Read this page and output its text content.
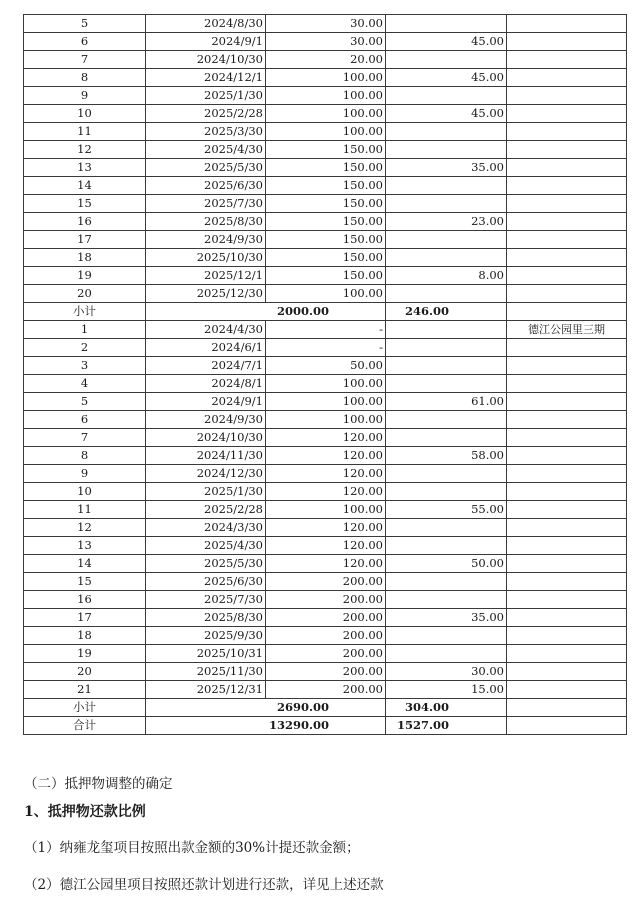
5	2024/8/30	30.00		
6	2024/9/1	30.00	45.00	
7	2024/10/30	20.00		
8	2024/12/1	100.00	45.00	
9	2025/1/30	100.00		
10	2025/2/28	100.00	45.00	
11	2025/3/30	100.00		
12	2025/4/30	150.00		
13	2025/5/30	150.00	35.00	
14	2025/6/30	150.00		
15	2025/7/30	150.00		
16	2025/8/30	150.00	23.00	
17	2024/9/30	150.00		
18	2025/10/30	150.00		
19	2025/12/1	150.00	8.00	
20	2025/12/30	100.00		
小计	2000.00		246.00	
1	2024/4/30	-		德江公园里三期
2	2024/6/1	-		
3	2024/7/1	50.00		
4	2024/8/1	100.00		
5	2024/9/1	100.00	61.00	
6	2024/9/30	100.00		
7	2024/10/30	120.00		
8	2024/11/30	120.00	58.00	
9	2024/12/30	120.00		
10	2025/1/30	120.00		
11	2025/2/28	100.00	55.00	
12	2024/3/30	120.00		
13	2025/4/30	120.00		
14	2025/5/30	120.00	50.00	
15	2025/6/30	200.00		
16	2025/7/30	200.00		
17	2025/8/30	200.00	35.00	
18	2025/9/30	200.00		
19	2025/10/31	200.00		
20	2025/11/30	200.00	30.00	
21	2025/12/31	200.00	15.00	
小计	2690.00		304.00	
合计	13290.00		1527.00	
（二）抵押物调整的确定
1、抵押物还款比例
（1）纳雍龙玺项目按照出款金额的30%计提还款金额；
（2）德江公园里项目按照还款计划进行还款，详见上述还款
